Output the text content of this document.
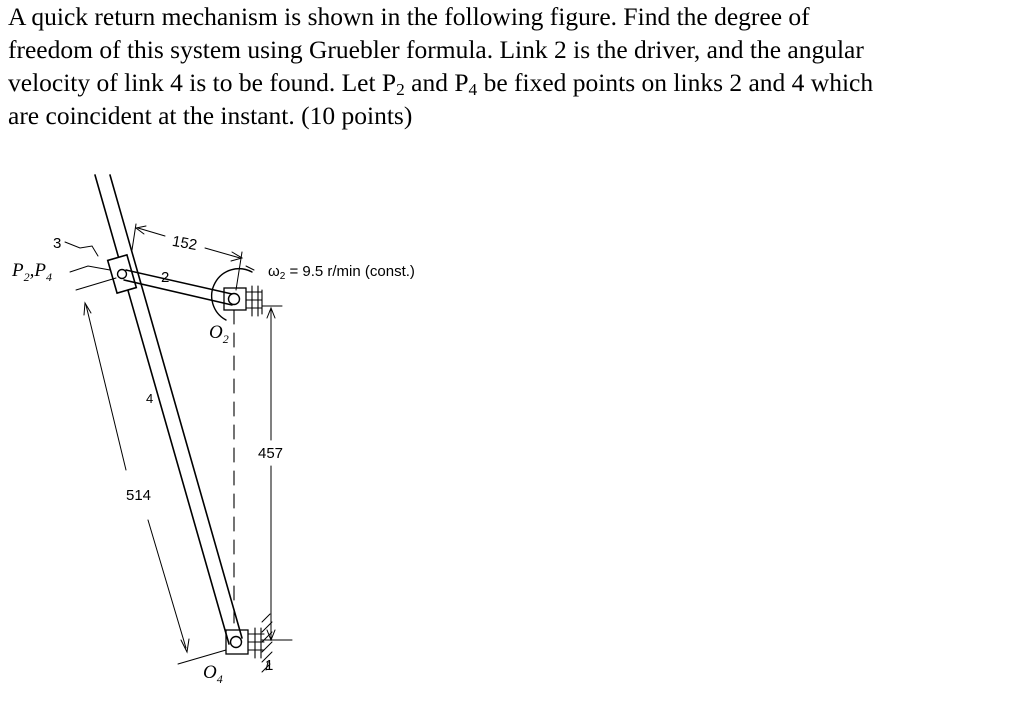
A quick return mechanism is shown in the following figure. Find the degree of
freedom of this system using Gruebler formula. Link 2 is the driver, and the angular
velocity of link 4 is to be found. Let $P_2$ and $P_4$ be fixed points on links 2 and 4 which
are coincident at the instant. (10 points)
3
$P_2,P_4$	2
152
$\omega_2 = 9.5$ r/min (const.)
$O_2$
4
457
514
$O_4$
1
